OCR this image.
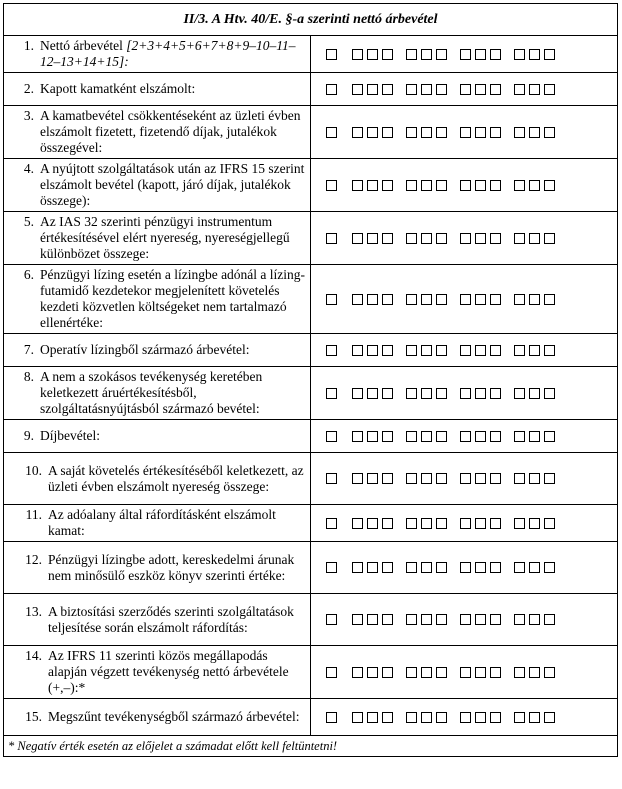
II/3. A Htv. 40/E. §-a szerinti nettó árbevétel	

1. Nettó árbevétel [2+3+4+5+6+7+8+9–10–11–12–13+14+15]:	

2. Kapott kamatként elszámolt:	

3. A kamatbevétel csökkentéseként az üzleti évben elszámolt fizetett, fizetendő díjak, jutalékok összegével:	

4. A nyújtott szolgáltatások után az IFRS 15 szerint elszámolt bevétel (kapott, járó díjak, jutalékok összege):	

5. Az IAS 32 szerinti pénzügyi instrumentum értékesítésével elért nyereség, nyereségjellegű különbözet összege:	

6. Pénzügyi lízing esetén a lízingbe adónál a lízing-futamidő kezdetekor megjelenített követelés kezdeti közvetlen költségeket nem tartalmazó ellenértéke:	

7. Operatív lízingből származó árbevétel:	

8. A nem a szokásos tevékenység keretében keletkezett áruértékesítésből, szolgáltatásnyújtásból származó bevétel:	

9. Díjbevétel:	

10. A saját követelés értékesítéséből keletkezett, az üzleti évben elszámolt nyereség összege:	

11. Az adóalany által ráfordításként elszámolt kamat:	

12. Pénzügyi lízingbe adott, kereskedelmi árunak nem minősülő eszköz könyv szerinti értéke:	

13. A biztosítási szerződés szerinti szolgáltatások teljesítése során elszámolt ráfordítás:	

14. Az IFRS 11 szerinti közös megállapodás alapján végzett tevékenység nettó árbevétele (+,–):*	

15. Megszűnt tevékenységből származó árbevétel:	

* Negatív érték esetén az előjelet a számadat előtt kell feltüntetni!	
